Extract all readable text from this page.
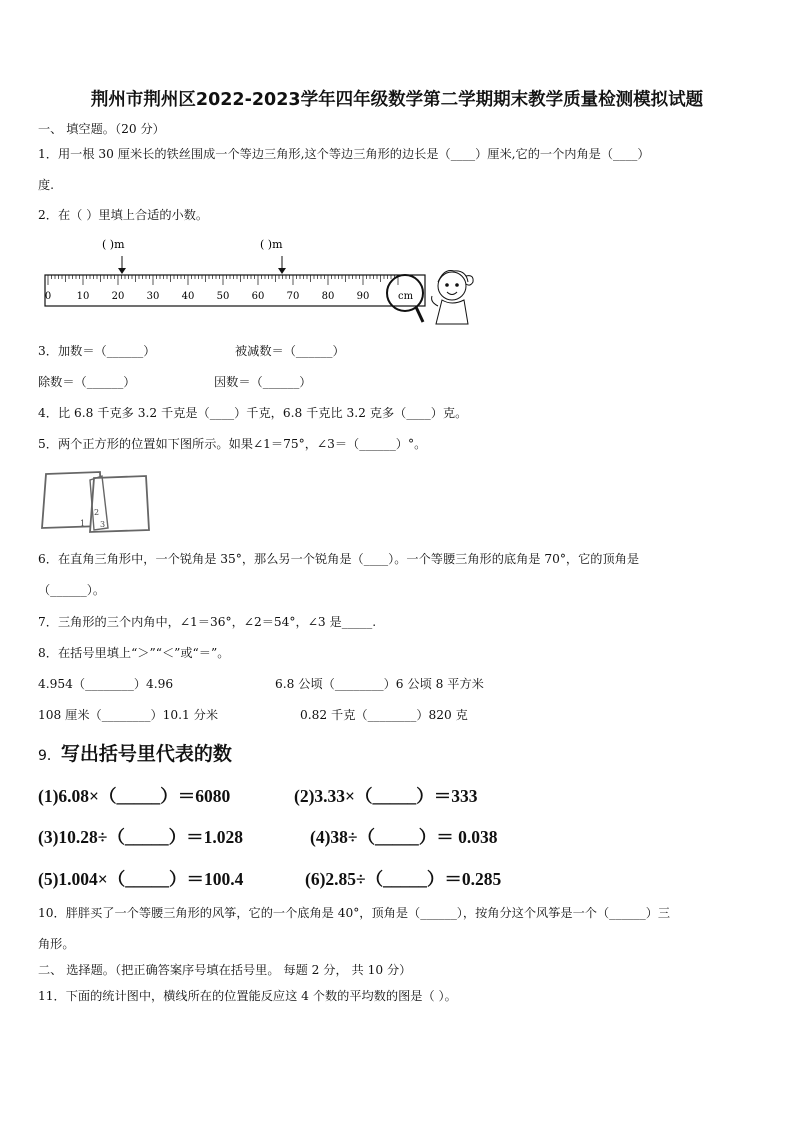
荆州市荆州区2022-2023学年四年级数学第二学期期末教学质量检测模拟试题
一、 填空题。（20 分）
1．用一根 30 厘米长的铁丝围成一个等边三角形,这个等边三角形的边长是（____）厘米,它的一个内角是（____）
度.
2．在（ ）里填上合适的小数。
( )m	( )m
0	10 20 30 40 50 60 70 80 90	cm
3．加数＝（______）	被减数＝（______）
除数＝（______）	因数＝（______）
4．比 6.8 千克多 3.2 千克是（____）千克，6.8 千克比 3.2 克多（____）克。
5．两个正方形的位置如下图所示。如果∠1＝75°，∠3＝（______）°。
1
2
3
6．在直角三角形中，一个锐角是 35°，那么另一个锐角是（____）。一个等腰三角形的底角是 70°，它的顶角是
（______）。
7．三角形的三个内角中，∠1＝36°，∠2＝54°，∠3 是_____.
8．在括号里填上“＞”“＜”或“＝”。
4.954（________）4.96	6.8 公顷（________）6 公顷 8 平方米
108 厘米（________）10.1 分米	0.82 千克（________）820 克
9．写出括号里代表的数
(1)6.08×（_____）＝6080	(2)3.33×（_____）＝333
(3)10.28÷（_____）＝1.028	(4)38÷（_____）＝ 0.038
(5)1.004×（_____）＝100.4	(6)2.85÷（_____）＝0.285
10．胖胖买了一个等腰三角形的风筝，它的一个底角是 40°，顶角是（______），按角分这个风筝是一个（______）三
角形。
二、 选择题。（把正确答案序号填在括号里。 每题 2 分， 共 10 分）
11．下面的统计图中，横线所在的位置能反应这 4 个数的平均数的图是（ ）。
